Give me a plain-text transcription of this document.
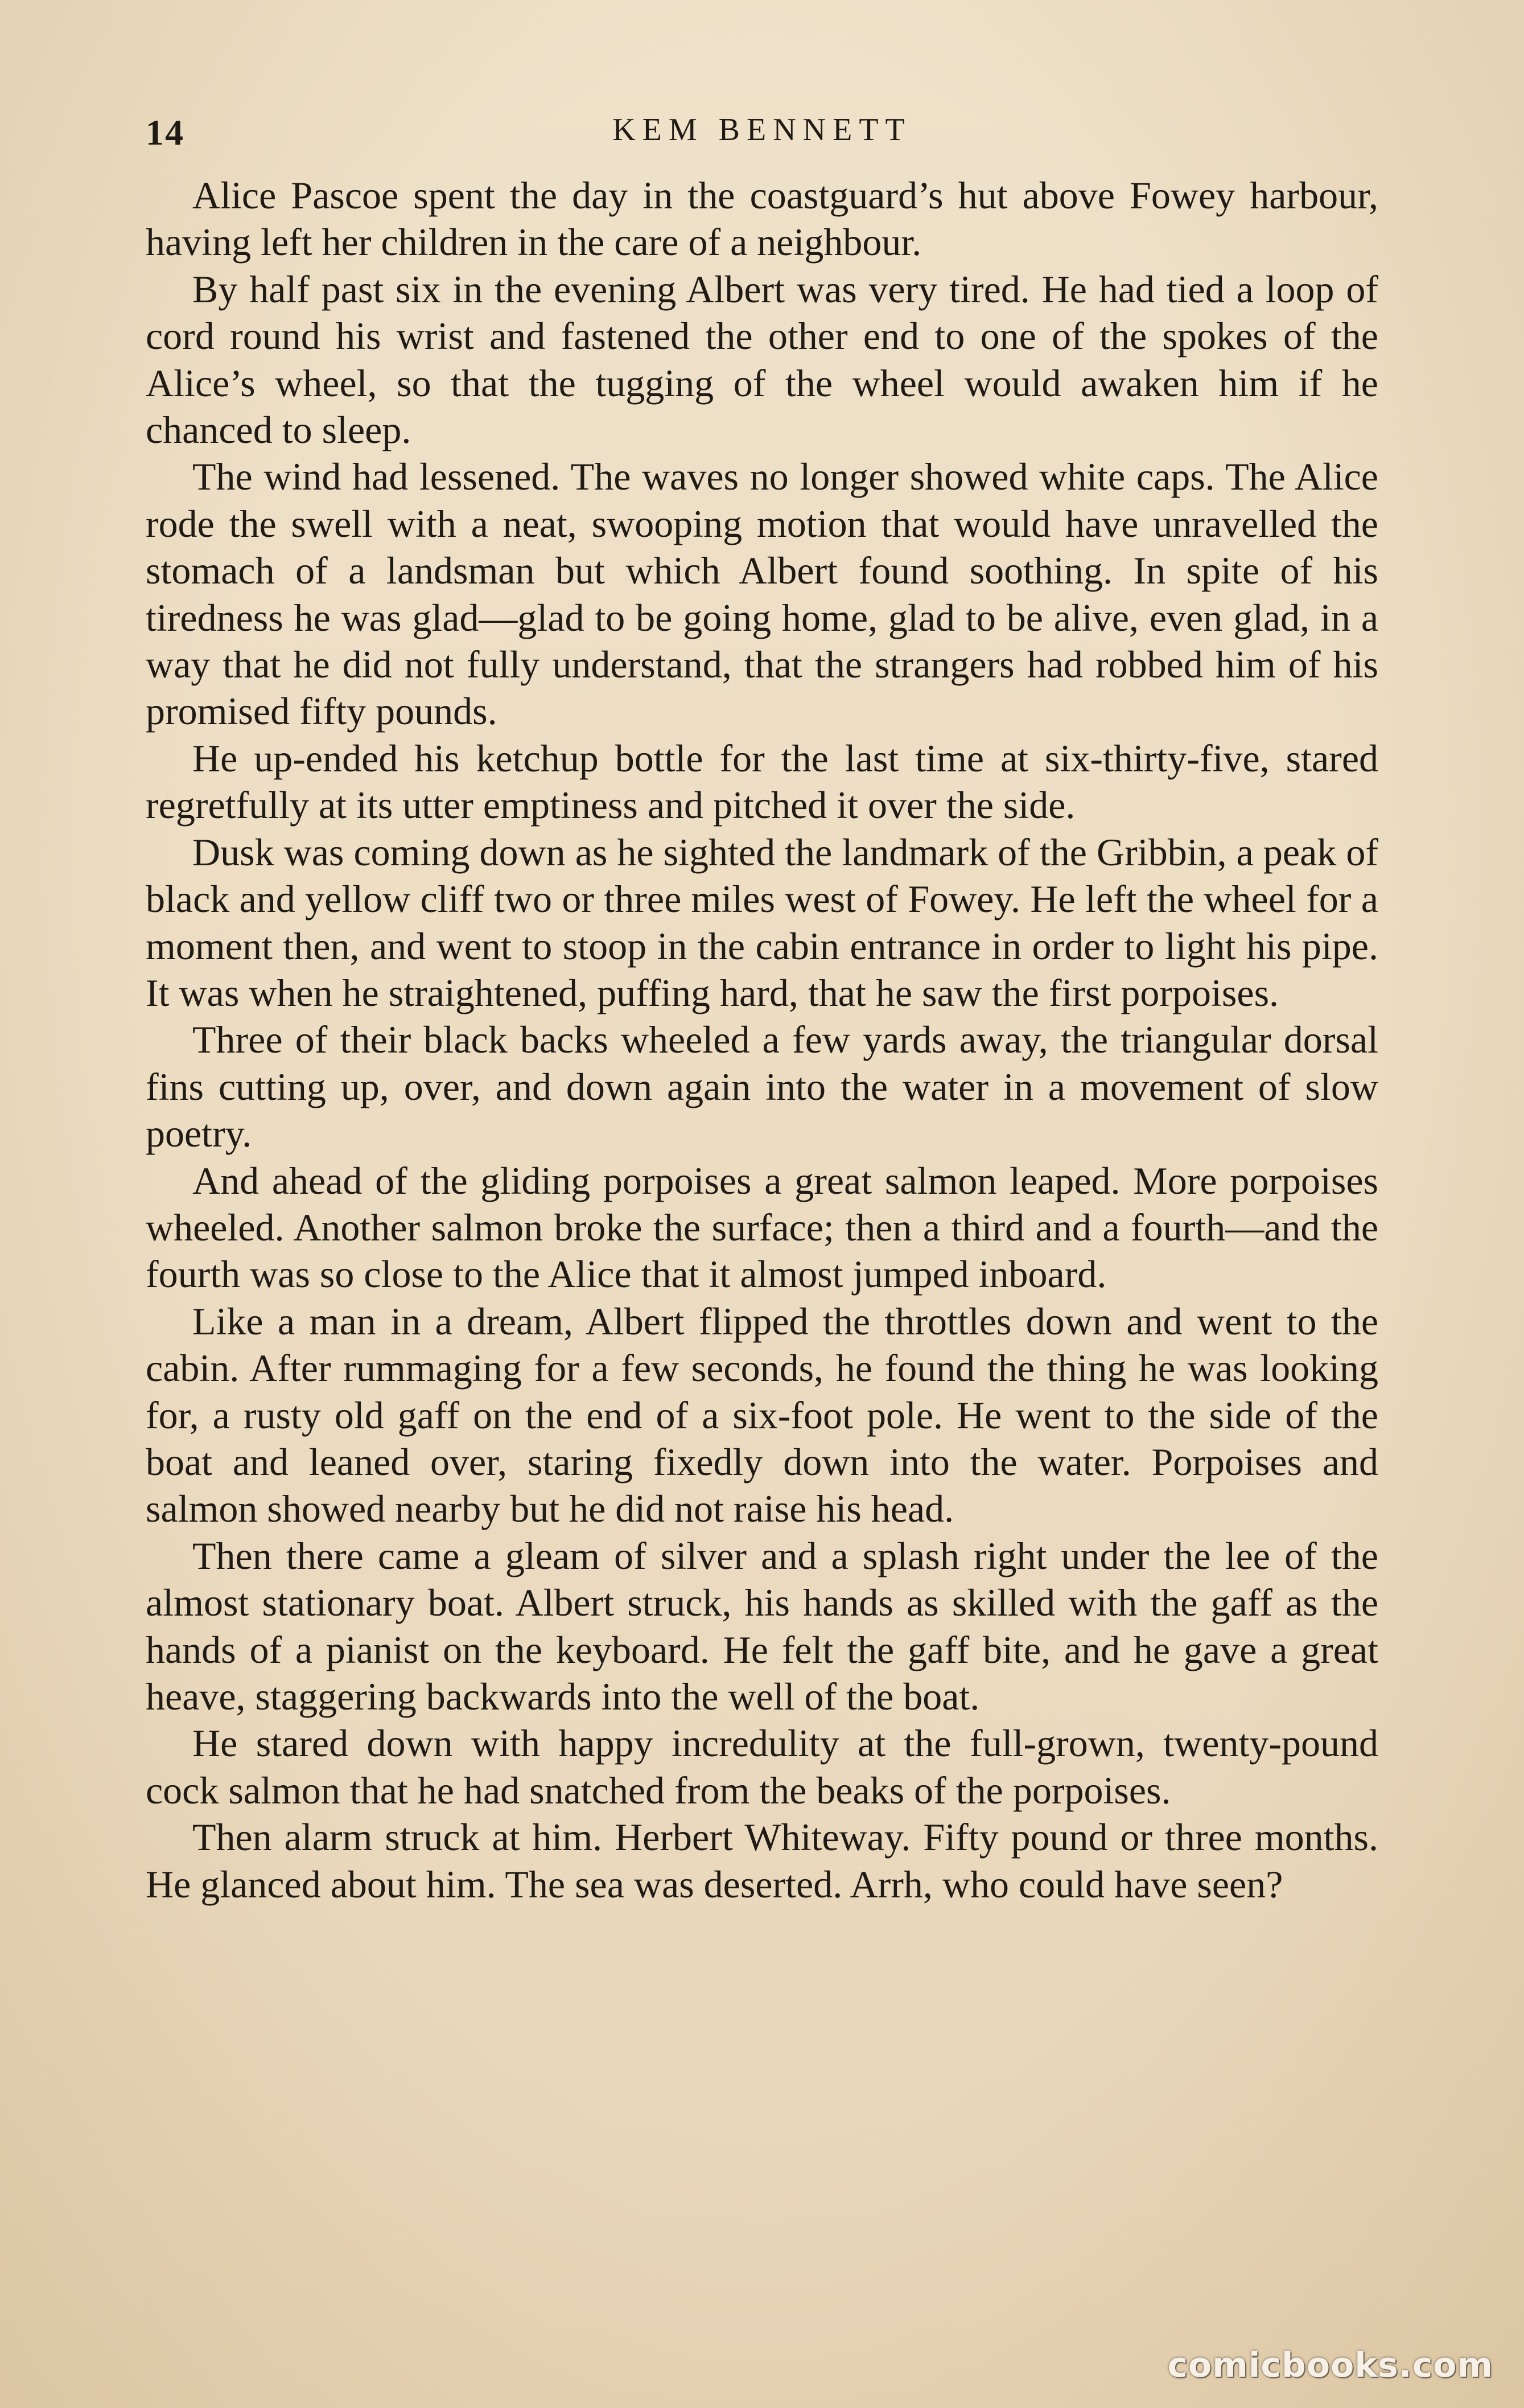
14	KEM BENNETT

Alice Pascoe spent the day in the coastguard’s hut above Fowey harbour, having left her children in the care of a neighbour.

By half past six in the evening Albert was very tired. He had tied a loop of cord round his wrist and fastened the other end to one of the spokes of the Alice’s wheel, so that the tugging of the wheel would awaken him if he chanced to sleep.

The wind had lessened. The waves no longer showed white caps. The Alice rode the swell with a neat, swooping motion that would have unravelled the stomach of a landsman but which Albert found soothing. In spite of his tiredness he was glad—glad to be going home, glad to be alive, even glad, in a way that he did not fully understand, that the strangers had robbed him of his promised fifty pounds.

He up-ended his ketchup bottle for the last time at six-thirty-five, stared regretfully at its utter emptiness and pitched it over the side.

Dusk was coming down as he sighted the landmark of the Gribbin, a peak of black and yellow cliff two or three miles west of Fowey. He left the wheel for a moment then, and went to stoop in the cabin entrance in order to light his pipe. It was when he straightened, puffing hard, that he saw the first porpoises.

Three of their black backs wheeled a few yards away, the triangular dorsal fins cutting up, over, and down again into the water in a movement of slow poetry.

And ahead of the gliding porpoises a great salmon leaped. More porpoises wheeled. Another salmon broke the surface; then a third and a fourth—and the fourth was so close to the Alice that it almost jumped inboard.

Like a man in a dream, Albert flipped the throttles down and went to the cabin. After rummaging for a few seconds, he found the thing he was looking for, a rusty old gaff on the end of a six-foot pole. He went to the side of the boat and leaned over, staring fixedly down into the water. Porpoises and salmon showed nearby but he did not raise his head.

Then there came a gleam of silver and a splash right under the lee of the almost stationary boat. Albert struck, his hands as skilled with the gaff as the hands of a pianist on the keyboard. He felt the gaff bite, and he gave a great heave, staggering backwards into the well of the boat.

He stared down with happy incredulity at the full-grown, twenty-pound cock salmon that he had snatched from the beaks of the porpoises.

Then alarm struck at him. Herbert Whiteway. Fifty pound or three months. He glanced about him. The sea was deserted. Arrh, who could have seen?

comicbooks.com
